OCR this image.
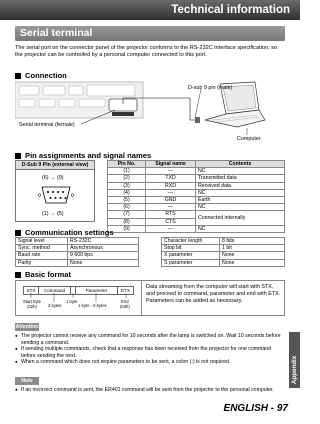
Technical information
Serial terminal
The serial port on the connector panel of the projector conforms to the RS-232C interface specification, so the projector can be controlled by a personal computer connected to this port.
Connection
D-sub 9 pin (male)
Serial terminal (female)
Computer
Pin assignments and signal names
D-Sub 9 Pin (external view)
(6) → (9)
(1) → (5)
Pin No.	Signal name	Contents
(1)	—	NC
(2)	TXD	Transmitted data
(3)	RXD	Received data
(4)	—	NC
(5)	GND	Earth
(6)	—	NC
(7)	RTS	Connected internally
(8)	CTS	
(9)	—	NC
Communication settings
Signal level	RS-232C
Sync. method	Asynchronous
Baud rate	9 600 bps
Parity	None
Character length	8 bits
Stop bit	1 bit
X parameter	None
S parameter	None
Basic format
STX	Command	Parameter	ETX
Start byte
(02h)	3 bytes
1 byte
1 byte - 6 bytes
End
(03h)
Data streaming from the computer will start with STX, and proceed to command, parameter and end with ETX.
Parameters can be added as necessary.
Attention
● The projector cannot receive any command for 10 seconds after the lamp is switched on. Wait 10 seconds before sending a command.
● If sending multiple commands, check that a response has been received from the projector for one command before sending the next.
● When a command which does not require parameters to be sent, a colon (:) is not required.
Note
● If an incorrect command is sent, the ER401 command will be sent from the projector to the personal computer.
Appendix
ENGLISH - 97
